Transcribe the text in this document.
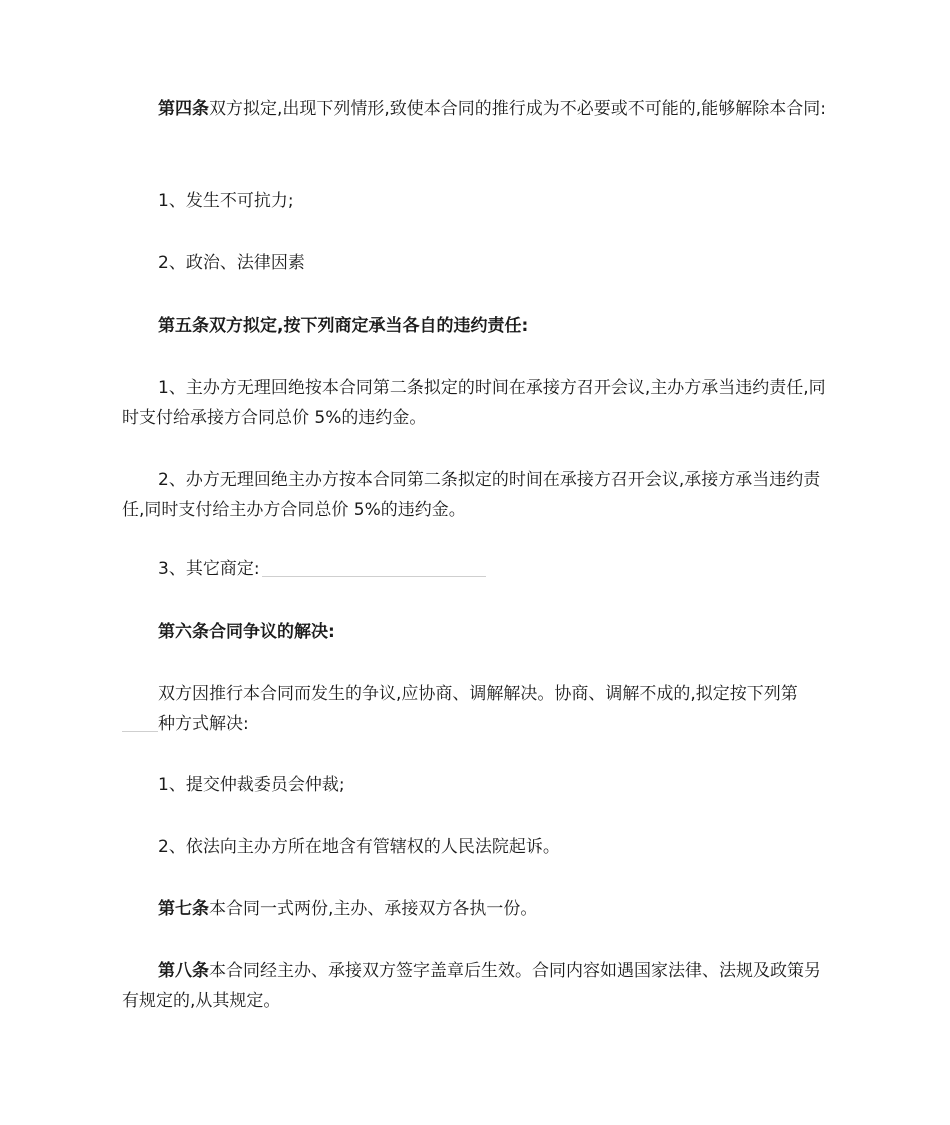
第四条双方拟定,出现下列情形,致使本合同的推行成为不必要或不可能的,能够解除本合同:

1、发生不可抗力;

2、政治、法律因素

第五条双方拟定,按下列商定承当各自的违约责任:

1、主办方无理回绝按本合同第二条拟定的时间在承接方召开会议,主办方承当违约责任,同时支付给承接方合同总价 5%的违约金。

2、办方无理回绝主办方按本合同第二条拟定的时间在承接方召开会议,承接方承当违约责任,同时支付给主办方合同总价 5%的违约金。

3、其它商定:

第六条合同争议的解决:

双方因推行本合同而发生的争议,应协商、调解解决。协商、调解不成的,拟定按下列第种方式解决:

1、提交仲裁委员会仲裁;

2、依法向主办方所在地含有管辖权的人民法院起诉。

第七条本合同一式两份,主办、承接双方各执一份。

第八条本合同经主办、承接双方签字盖章后生效。合同内容如遇国家法律、法规及政策另有规定的,从其规定。
